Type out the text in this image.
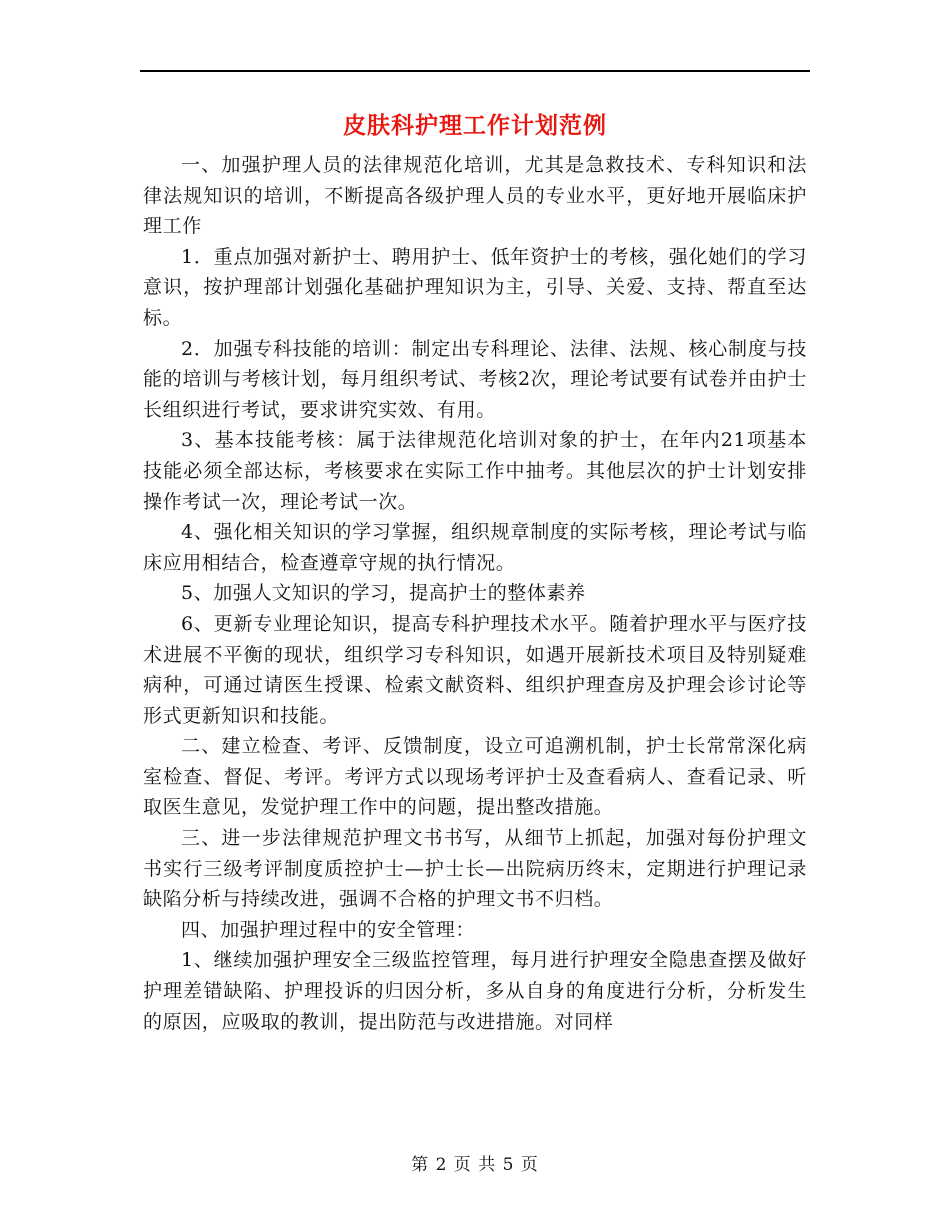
皮肤科护理工作计划范例

一、加强护理人员的法律规范化培训，尤其是急救技术、专科知识和法律法规知识的培训，不断提高各级护理人员的专业水平，更好地开展临床护理工作

1．重点加强对新护士、聘用护士、低年资护士的考核，强化她们的学习意识，按护理部计划强化基础护理知识为主，引导、关爱、支持、帮直至达标。

2．加强专科技能的培训：制定出专科理论、法律、法规、核心制度与技能的培训与考核计划，每月组织考试、考核2次，理论考试要有试卷并由护士长组织进行考试，要求讲究实效、有用。

3、基本技能考核：属于法律规范化培训对象的护士，在年内21项基本技能必须全部达标，考核要求在实际工作中抽考。其他层次的护士计划安排操作考试一次，理论考试一次。

4、强化相关知识的学习掌握，组织规章制度的实际考核，理论考试与临床应用相结合，检查遵章守规的执行情况。

5、加强人文知识的学习，提高护士的整体素养

6、更新专业理论知识，提高专科护理技术水平。随着护理水平与医疗技术进展不平衡的现状，组织学习专科知识，如遇开展新技术项目及特别疑难病种，可通过请医生授课、检索文献资料、组织护理查房及护理会诊讨论等形式更新知识和技能。

二、建立检查、考评、反馈制度，设立可追溯机制，护士长常常深化病室检查、督促、考评。考评方式以现场考评护士及查看病人、查看记录、听取医生意见，发觉护理工作中的问题，提出整改措施。

三、进一步法律规范护理文书书写，从细节上抓起，加强对每份护理文书实行三级考评制度质控护士—护士长—出院病历终末，定期进行护理记录缺陷分析与持续改进，强调不合格的护理文书不归档。

四、加强护理过程中的安全管理：

1、继续加强护理安全三级监控管理，每月进行护理安全隐患查摆及做好护理差错缺陷、护理投诉的归因分析，多从自身的角度进行分析，分析发生的原因，应吸取的教训，提出防范与改进措施。对同样

第 2 页 共 5 页
